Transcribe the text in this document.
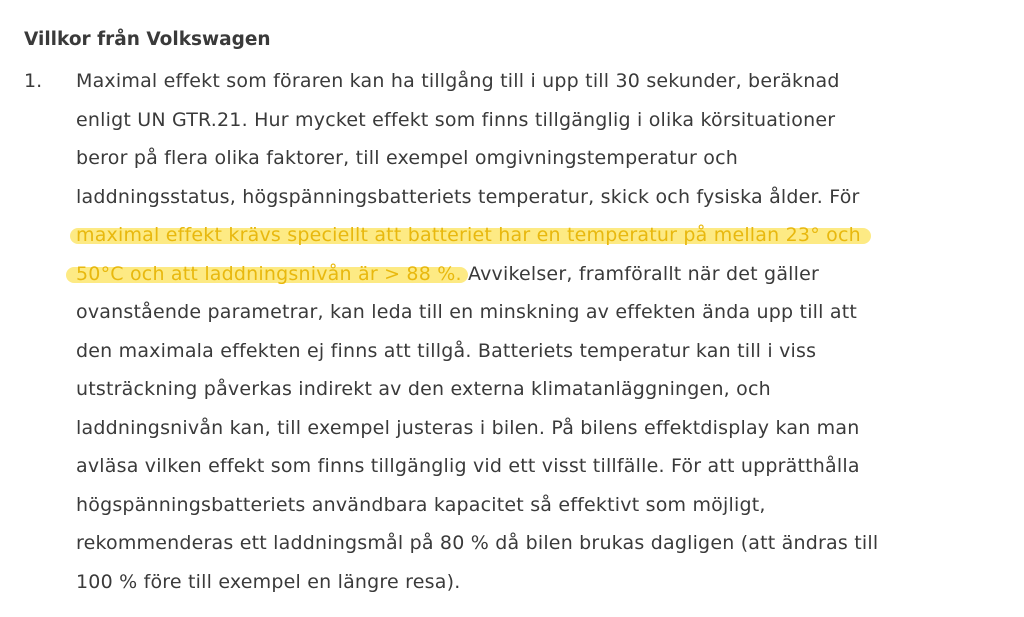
Villkor från Volkswagen
1.	Maximal effekt som föraren kan ha tillgång till i upp till 30 sekunder, beräknad
enligt UN GTR.21. Hur mycket effekt som finns tillgänglig i olika körsituationer
beror på flera olika faktorer, till exempel omgivningstemperatur och
laddningsstatus, högspänningsbatteriets temperatur, skick och fysiska ålder. För
maximal effekt krävs speciellt att batteriet har en temperatur på mellan 23° och
50°C och att laddningsnivån är > 88 %. Avvikelser, framförallt när det gäller
ovanstående parametrar, kan leda till en minskning av effekten ända upp till att
den maximala effekten ej finns att tillgå. Batteriets temperatur kan till i viss
utsträckning påverkas indirekt av den externa klimatanläggningen, och
laddningsnivån kan, till exempel justeras i bilen. På bilens effektdisplay kan man
avläsa vilken effekt som finns tillgänglig vid ett visst tillfälle. För att upprätthålla
högspänningsbatteriets användbara kapacitet så effektivt som möjligt,
rekommenderas ett laddningsmål på 80 % då bilen brukas dagligen (att ändras till
100 % före till exempel en längre resa).
